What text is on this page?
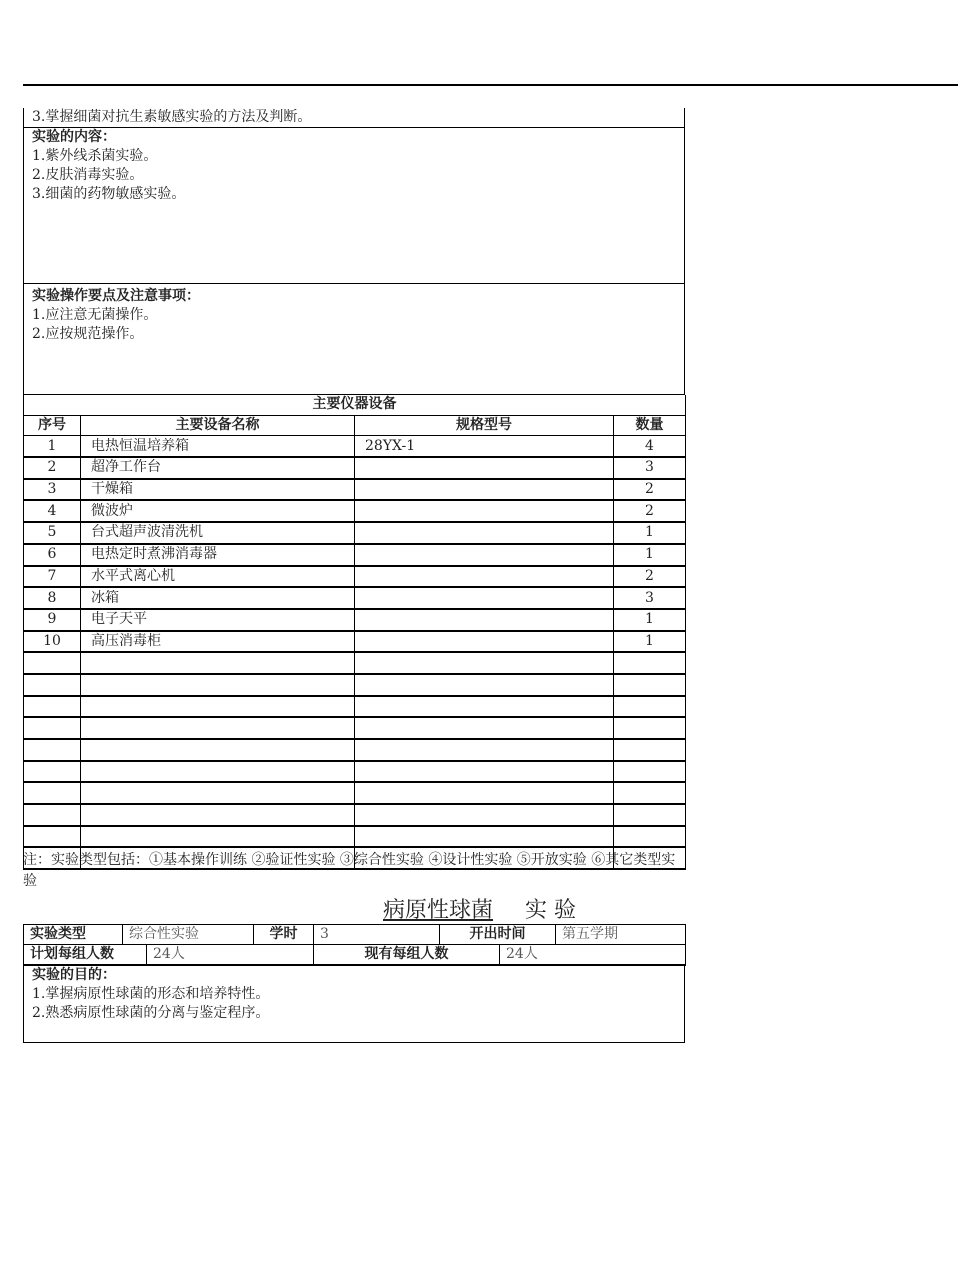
3.掌握细菌对抗生素敏感实验的方法及判断。
实验的内容：
1.紫外线杀菌实验。
2.皮肤消毒实验。
3.细菌的药物敏感实验。
实验操作要点及注意事项：
1.应注意无菌操作。
2.应按规范操作。
主要仪器设备			
序号	主要设备名称	规格型号	数量
1	电热恒温培养箱	28YX-1	4
2	超净工作台		3
3	干燥箱		2
4	微波炉		2
5	台式超声波清洗机		1
6	电热定时煮沸消毒器		1
7	水平式离心机		2
8	冰箱		3
9	电子天平		1
10	高压消毒柜		1

注：实验类型包括：①基本操作训练 ②验证性实验 ③综合性实验 ④设计性实验 ⑤开放实验 ⑥其它类型实验
病原性球菌 实 验
实验类型	综合性实验		学时	3	开出时间		第五学期
计划每组人数		24人		现有每组人数		24人	
实验的目的：
1.掌握病原性球菌的形态和培养特性。
2.熟悉病原性球菌的分离与鉴定程序。
